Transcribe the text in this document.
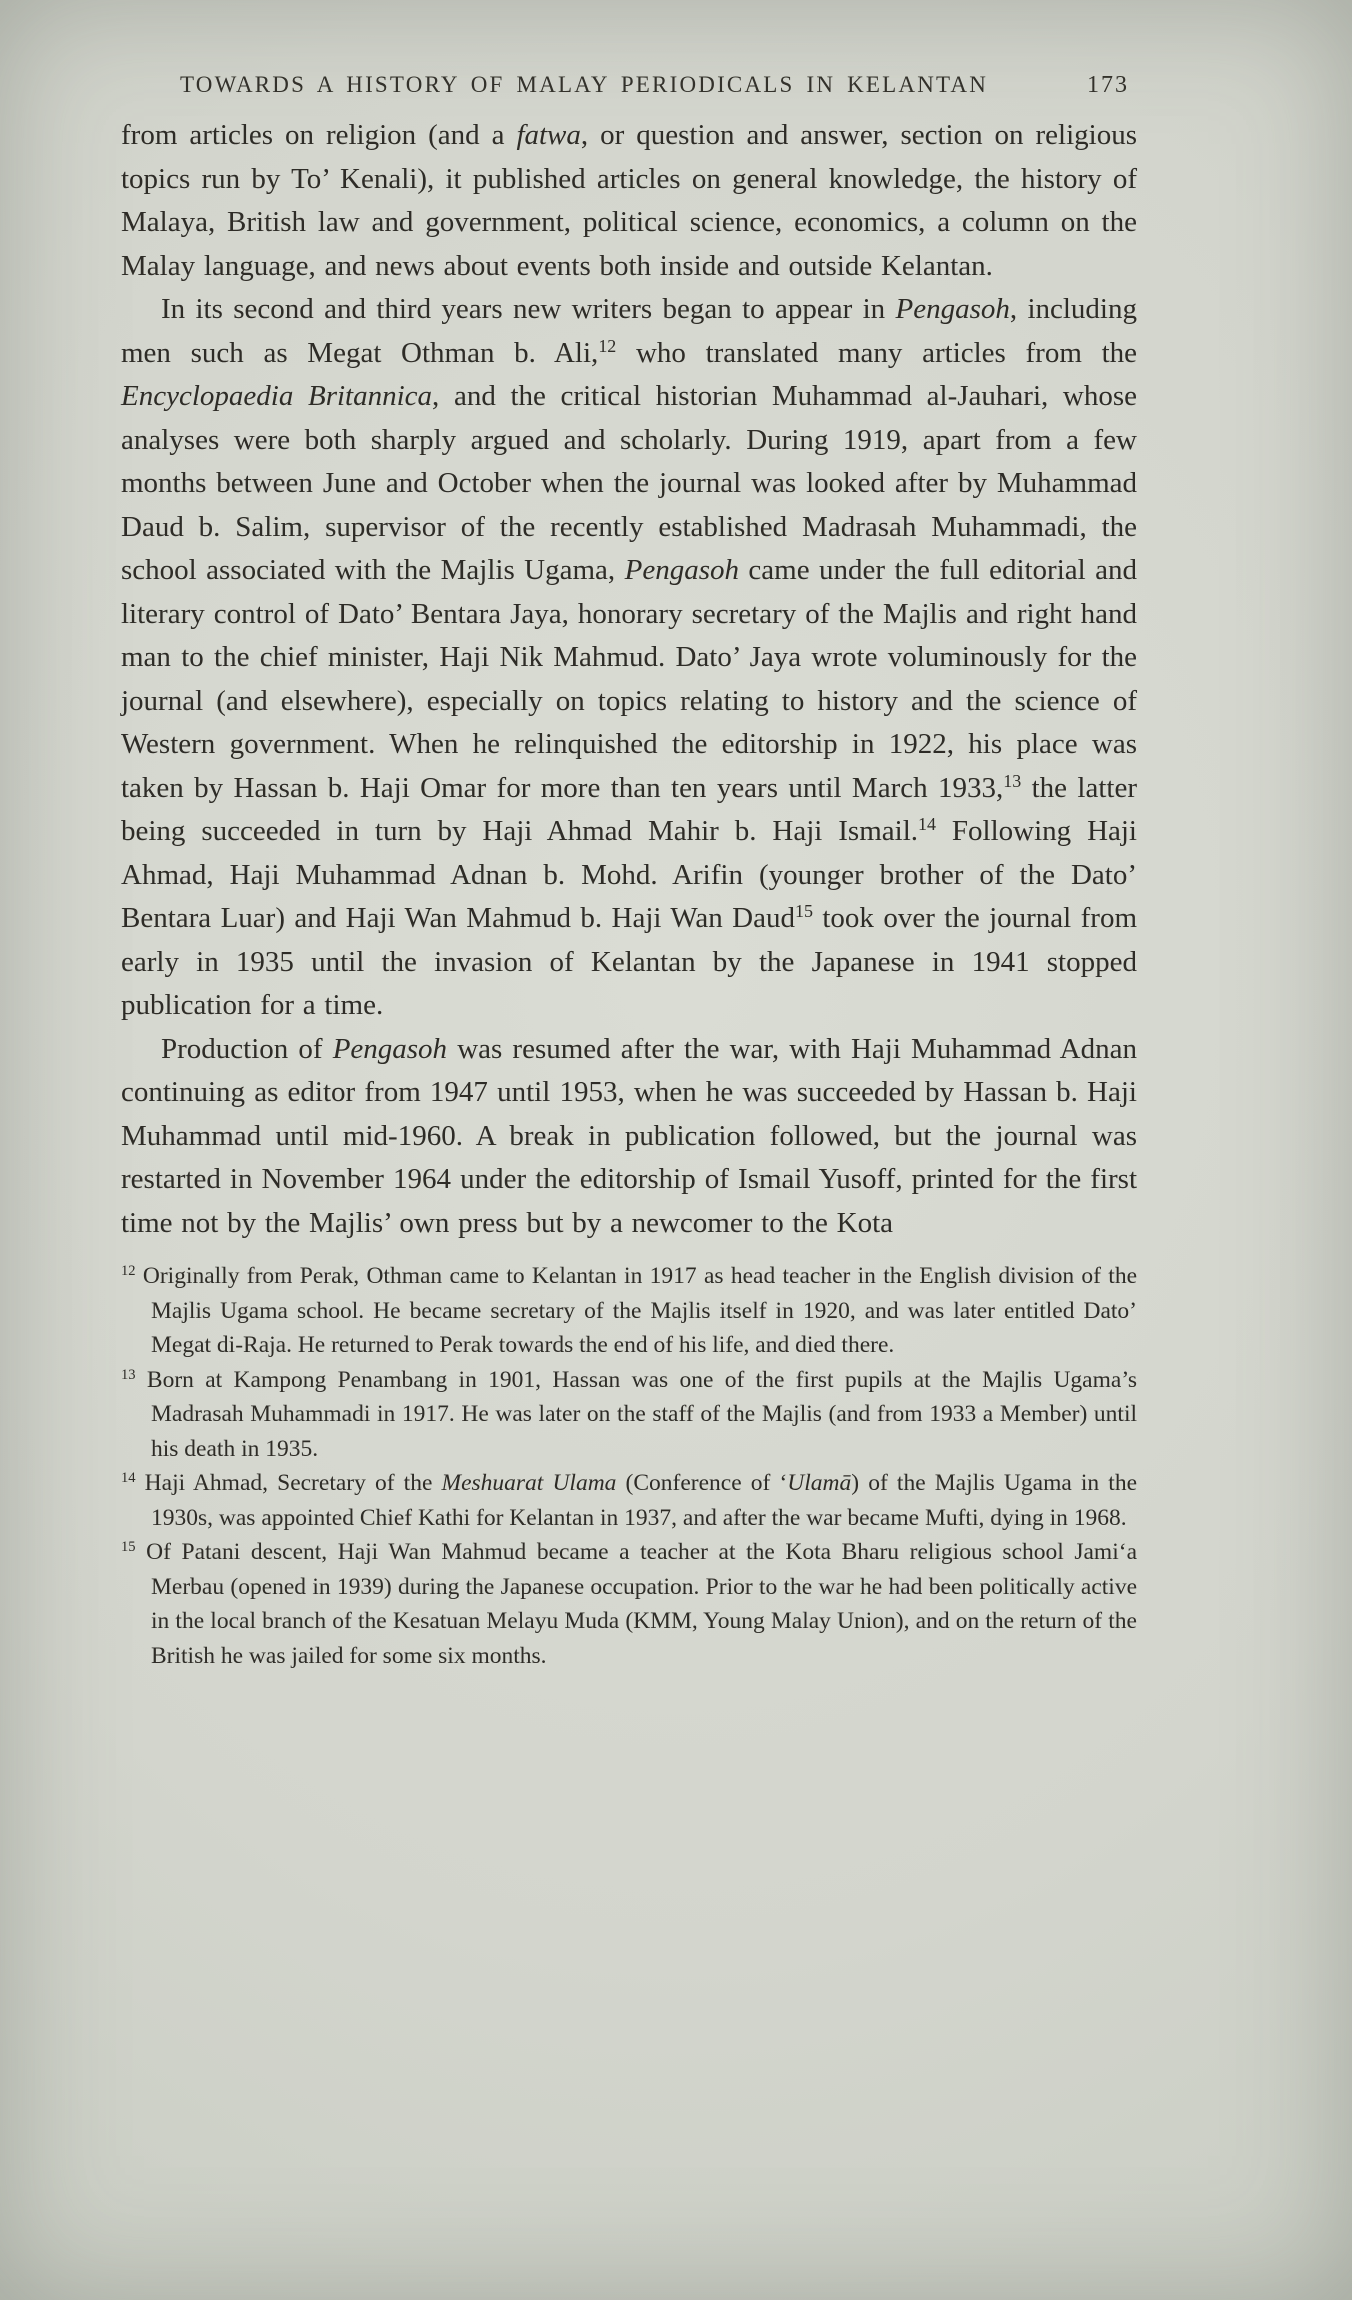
TOWARDS A HISTORY OF MALAY PERIODICALS IN KELANTAN	173

from articles on religion (and a fatwa, or question and answer, section on religious topics run by To’ Kenali), it published articles on general knowledge, the history of Malaya, British law and government, political science, economics, a column on the Malay language, and news about events both inside and outside Kelantan.

In its second and third years new writers began to appear in Pengasoh, including men such as Megat Othman b. Ali,$^{12}$ who translated many articles from the Encyclopaedia Britannica, and the critical historian Muhammad al-Jauhari, whose analyses were both sharply argued and scholarly. During 1919, apart from a few months between June and October when the journal was looked after by Muhammad Daud b. Salim, supervisor of the recently established Madrasah Muhammadi, the school associated with the Majlis Ugama, Pengasoh came under the full editorial and literary control of Dato’ Bentara Jaya, honorary secretary of the Majlis and right hand man to the chief minister, Haji Nik Mahmud. Dato’ Jaya wrote voluminously for the journal (and elsewhere), especially on topics relating to history and the science of Western government. When he relinquished the editorship in 1922, his place was taken by Hassan b. Haji Omar for more than ten years until March 1933,13 the latter being succeeded in turn by Haji Ahmad Mahir b. Haji Ismail.$^{14}$ Following Haji Ahmad, Haji Muhammad Adnan b. Mohd. Arifin (younger brother of the Dato’ Bentara Luar) and Haji Wan Mahmud b. Haji Wan Daud$^{15}$ took over the journal from early in 1935 until the invasion of Kelantan by the Japanese in 1941 stopped publication for a time.

Production of Pengasoh was resumed after the war, with Haji Muhammad Adnan continuing as editor from 1947 until 1953, when he was succeeded by Hassan b. Haji Muhammad until mid-1960. A break in publication followed, but the journal was restarted in November 1964 under the editorship of Ismail Yusoff, printed for the first time not by the Majlis’ own press but by a newcomer to the Kota

$^{12}$ Originally from Perak, Othman came to Kelantan in 1917 as head teacher in the English division of the Majlis Ugama school. He became secretary of the Majlis itself in 1920, and was later entitled Dato’ Megat di-Raja. He returned to Perak towards the end of his life, and died there.

$^{13}$ Born at Kampong Penambang in 1901, Hassan was one of the first pupils at the Majlis Ugama’s Madrasah Muhammadi in 1917. He was later on the staff of the Majlis (and from 1933 a Member) until his death in 1935.

$^{14}$ Haji Ahmad, Secretary of the Meshuarat Ulama (Conference of ‘Ulamā) of the Majlis Ugama in the 1930s, was appointed Chief Kathi for Kelantan in 1937, and after the war became Mufti, dying in 1968.

$^{15}$ Of Patani descent, Haji Wan Mahmud became a teacher at the Kota Bharu religious school Jami‘a Merbau (opened in 1939) during the Japanese occupation. Prior to the war he had been politically active in the local branch of the Kesatuan Melayu Muda (KMM, Young Malay Union), and on the return of the British he was jailed for some six months.
